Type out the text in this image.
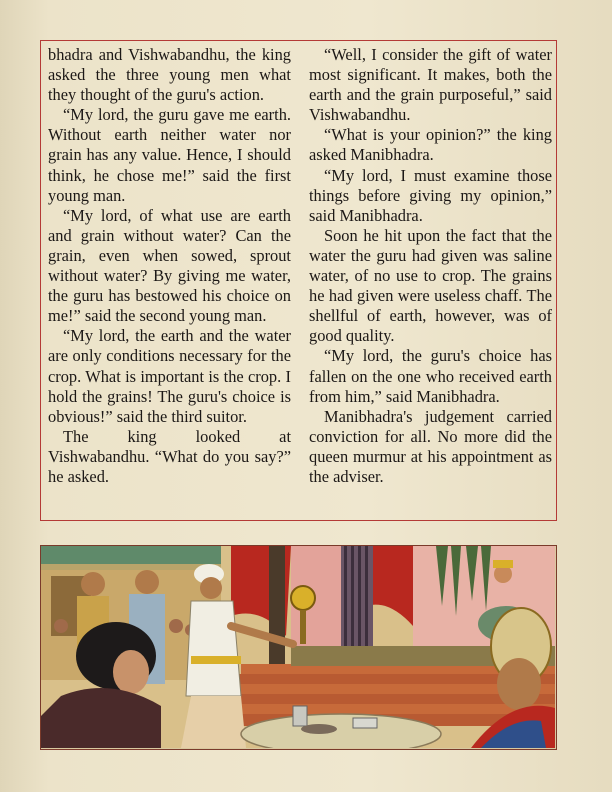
bhadra and Vishwabandhu, the king asked the three young men what they thought of the guru's action.

“My lord, the guru gave me earth. Without earth neither water nor grain has any value. Hence, I should think, he chose me!” said the first young man.

“My lord, of what use are earth and grain without water? Can the grain, even when sowed, sprout without water? By giving me water, the guru has bestowed his choice on me!” said the second young man.

“My lord, the earth and the water are only conditions necessary for the crop. What is important is the crop. I hold the grains! The guru's choice is obvious!” said the third suitor.

The king looked at Vishwabandhu. “What do you say?” he asked.

“Well, I consider the gift of water most significant. It makes, both the earth and the grain purposeful,” said Vishwabandhu.

“What is your opinion?” the king asked Manibhadra.

“My lord, I must examine those things before giving my opinion,” said Manibhadra.

Soon he hit upon the fact that the water the guru had given was saline water, of no use to crop. The grains he had given were useless chaff. The shellful of earth, however, was of good quality.

“My lord, the guru's choice has fallen on the one who received earth from him,” said Manibhadra.

Manibhadra's judgement carried conviction for all. No more did the queen murmur at his appointment as the adviser.
